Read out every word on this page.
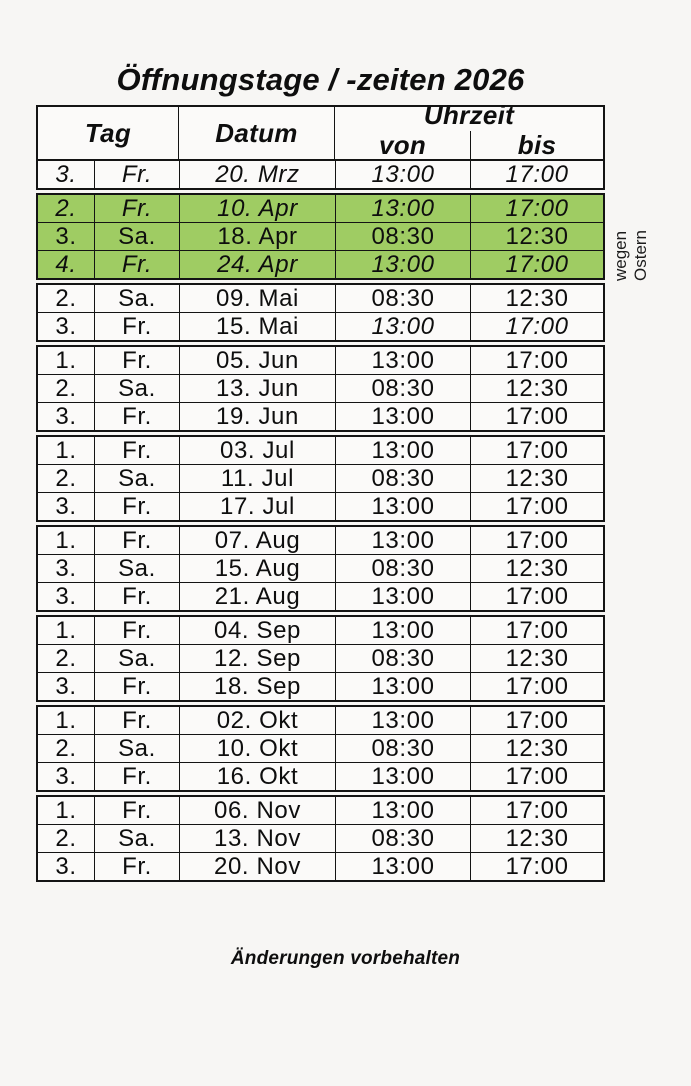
Öffnungstage / -zeiten 2026
Tag	Datum
Uhrzeit
von	bis
3.	Fr.	20. Mrz	13:00	17:00
2.	Fr.	10. Apr	13:00	17:00
3.	Sa.	18. Apr	08:30	12:30
4.	Fr.	24. Apr	13:00	17:00
2.	Sa.	09. Mai	08:30	12:30
3.	Fr.	15. Mai	13:00	17:00
1.	Fr.	05. Jun	13:00	17:00
2.	Sa.	13. Jun	08:30	12:30
3.	Fr.	19. Jun	13:00	17:00
1.	Fr.	03. Jul	13:00	17:00
2.	Sa.	11. Jul	08:30	12:30
3.	Fr.	17. Jul	13:00	17:00
1.	Fr.	07. Aug	13:00	17:00
3.	Sa.	15. Aug	08:30	12:30
3.	Fr.	21. Aug	13:00	17:00
1.	Fr.	04. Sep	13:00	17:00
2.	Sa.	12. Sep	08:30	12:30
3.	Fr.	18. Sep	13:00	17:00
1.	Fr.	02. Okt	13:00	17:00
2.	Sa.	10. Okt	08:30	12:30
3.	Fr.	16. Okt	13:00	17:00
1.	Fr.	06. Nov	13:00	17:00
2.	Sa.	13. Nov	08:30	12:30
3.	Fr.	20. Nov	13:00	17:00
wegen Ostern
Änderungen vorbehalten
